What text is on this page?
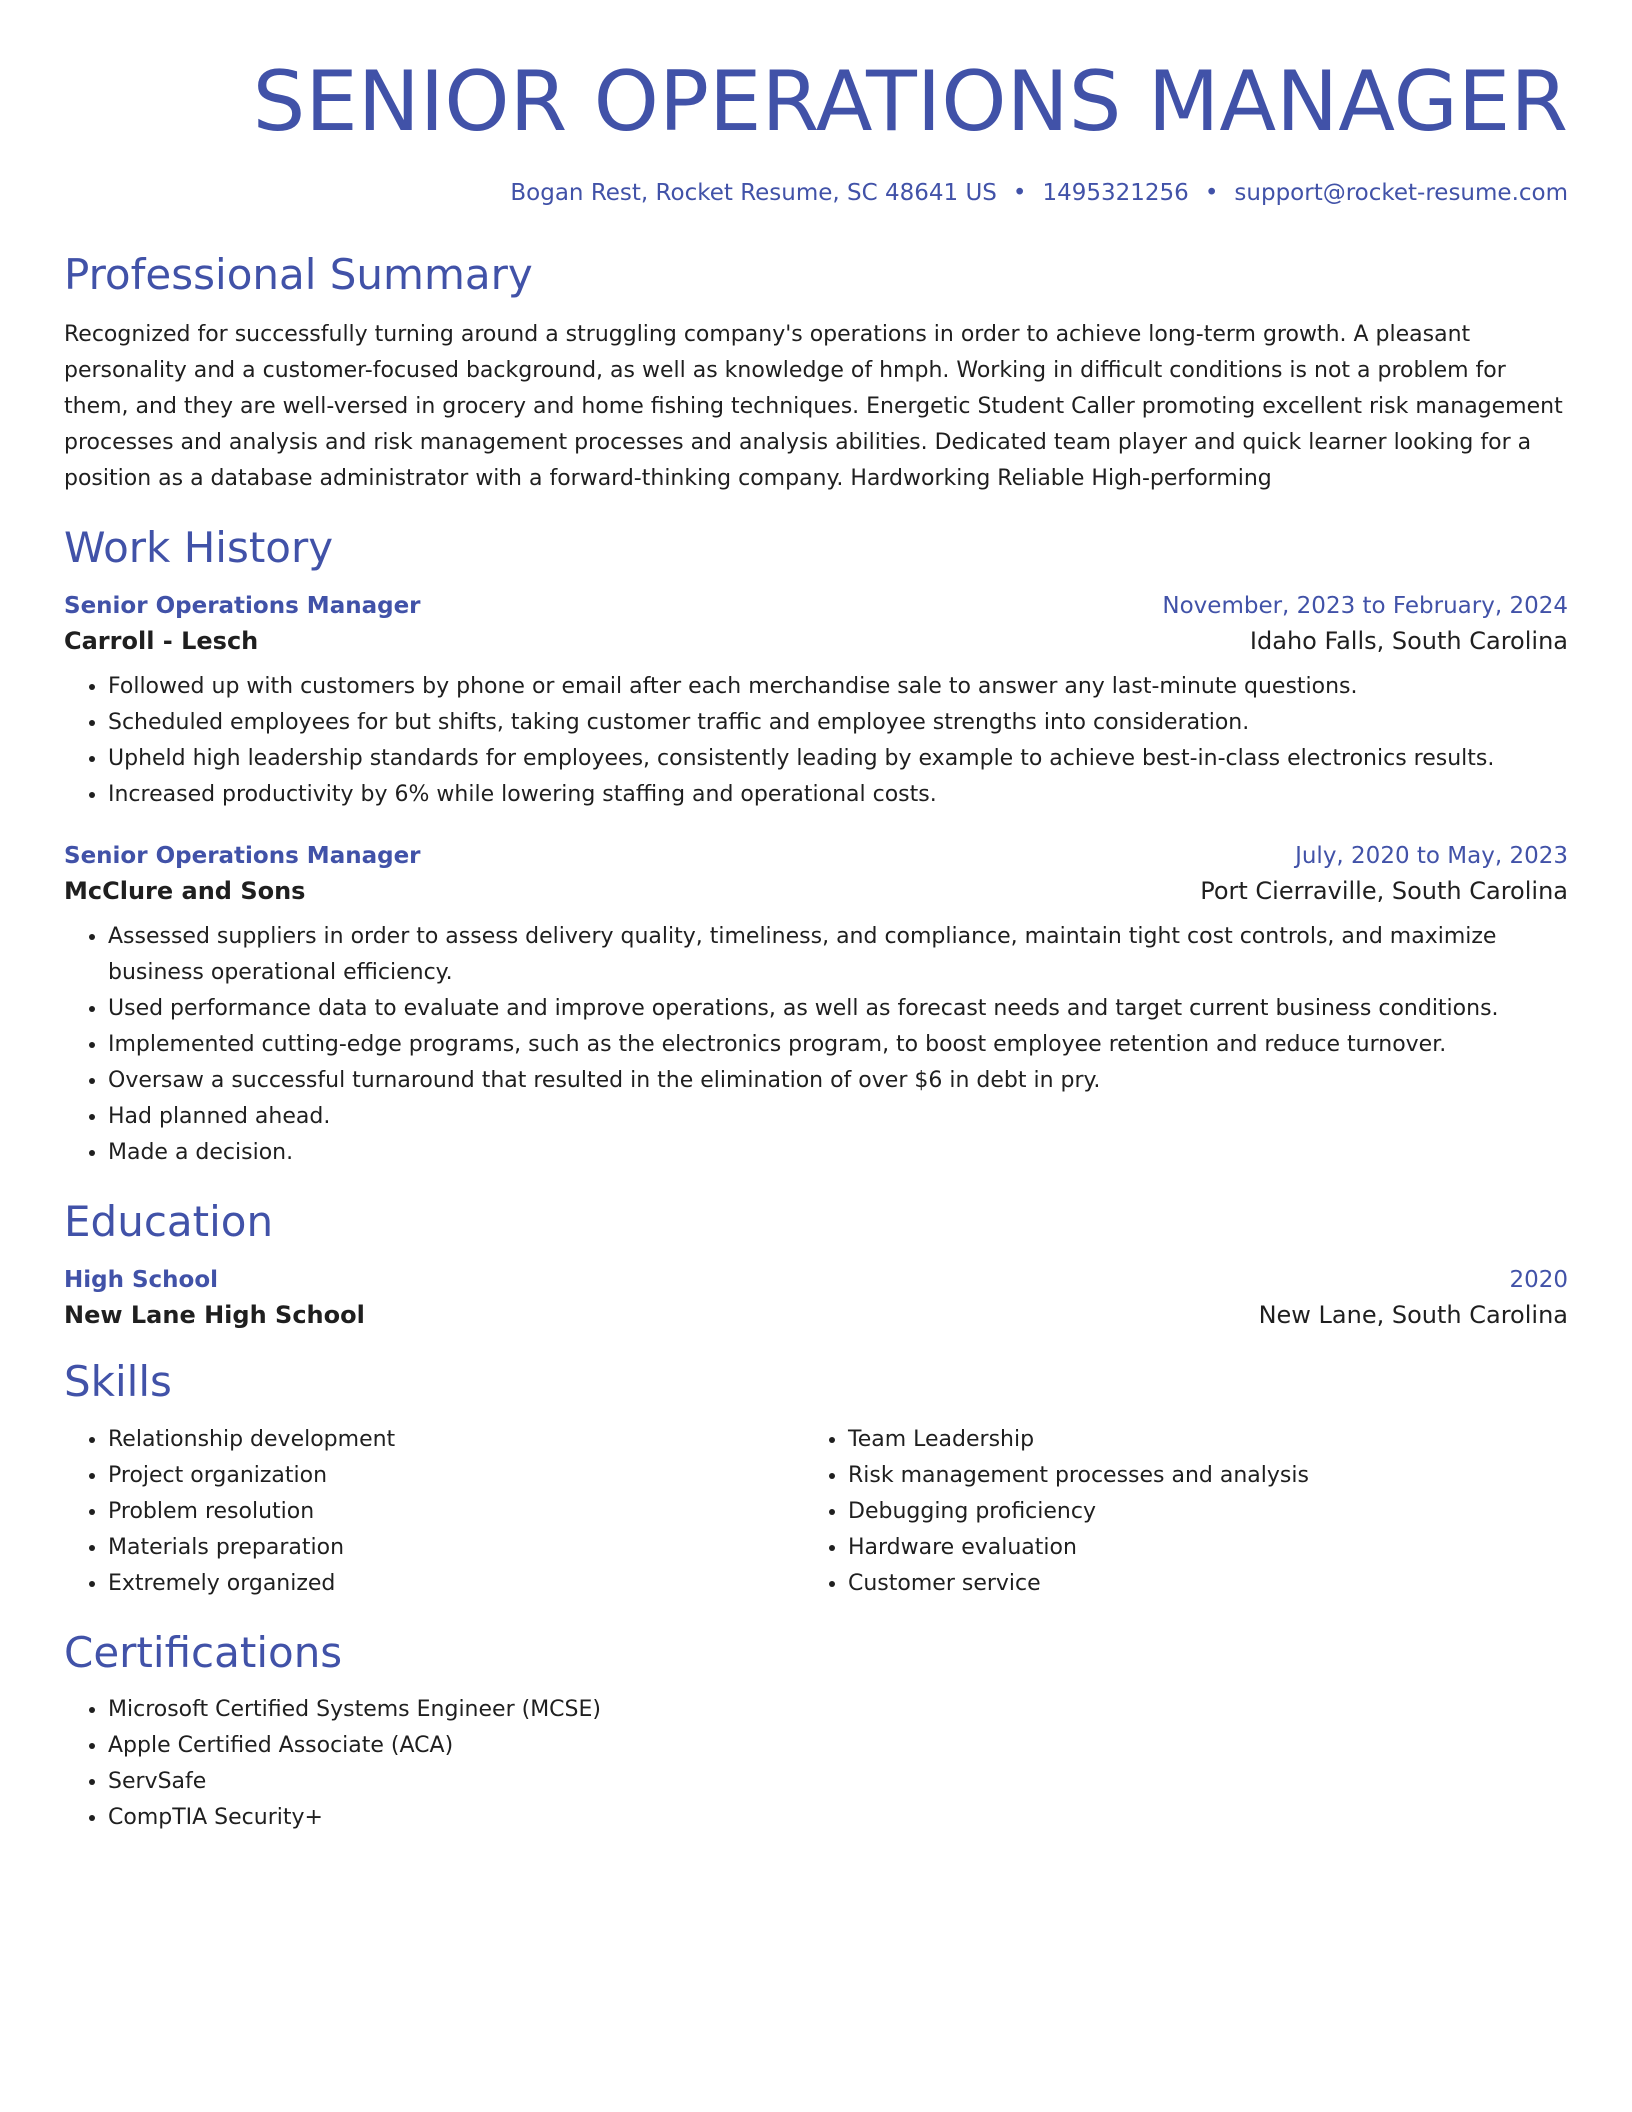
SENIOR OPERATIONS MANAGER
Bogan Rest, Rocket Resume, SC 48641 US • 1495321256 • support@rocket-resume.com
Professional Summary

Recognized for successfully turning around a struggling company's operations in order to achieve long-term growth. A pleasant personality and a customer-focused background, as well as knowledge of hmph. Working in difficult conditions is not a problem for them, and they are well-versed in grocery and home fishing techniques. Energetic Student Caller promoting excellent risk management processes and analysis and risk management processes and analysis abilities. Dedicated team player and quick learner looking for a position as a database administrator with a forward-thinking company. Hardworking Reliable High-performing

Work History
Senior Operations Manager	November, 2023 to February, 2024
Carroll - Lesch	Idaho Falls, South Carolina
• Followed up with customers by phone or email after each merchandise sale to answer any last-minute questions.
• Scheduled employees for but shifts, taking customer traffic and employee strengths into consideration.
• Upheld high leadership standards for employees, consistently leading by example to achieve best-in-class electronics results.
• Increased productivity by 6% while lowering staffing and operational costs.
Senior Operations Manager	July, 2020 to May, 2023
McClure and Sons	Port Cierraville, South Carolina
• Assessed suppliers in order to assess delivery quality, timeliness, and compliance, maintain tight cost controls, and maximize business operational efficiency.
• Used performance data to evaluate and improve operations, as well as forecast needs and target current business conditions.
• Implemented cutting-edge programs, such as the electronics program, to boost employee retention and reduce turnover.
• Oversaw a successful turnaround that resulted in the elimination of over $6 in debt in pry.
• Had planned ahead.
• Made a decision.
Education
High School	2020
New Lane High School	New Lane, South Carolina
Skills
• Relationship development
• Project organization
• Problem resolution
• Materials preparation
• Extremely organized
• Team Leadership
• Risk management processes and analysis
• Debugging proficiency
• Hardware evaluation
• Customer service
Certifications
• Microsoft Certified Systems Engineer (MCSE)
• Apple Certified Associate (ACA)
• ServSafe
• CompTIA Security+
